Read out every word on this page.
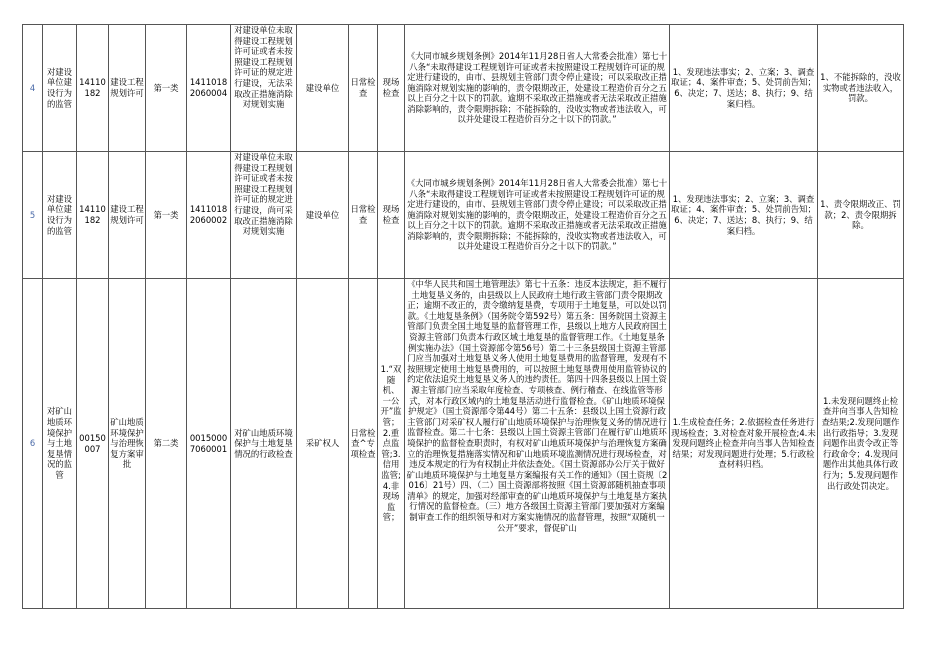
4	对建设单位建设行为的监管	14110182	建设工程规划许可	第一类	14110182060004	对建设单位未取得建设工程规划许可证或者未按照建设工程规划许可证的规定进行建设，无法采取改正措施消除对规划实施	建设单位	日常检查	现场检查	《大同市城乡规划条例》2014年11月28日省人大常委会批准）第七十八条“未取得建设工程规划许可证或者未按照建设工程规划许可证的规定进行建设的，由市、县规划主管部门责令停止建设；可以采取改正措施消除对规划实施的影响的，责令限期改正，处建设工程造价百分之五以上百分之十以下的罚款。逾期不采取改正措施或者无法采取改正措施消除影响的，责令限期拆除；不能拆除的，没收实物或者违法收入，可以并处建设工程造价百分之十以下的罚款。”	1、发现违法事实；2、立案；3、调查取证；4、案件审查；5、处罚前告知；6、决定；7、送达；8、执行；9、结案归档。	1、不能拆除的，没收实物或者违法收入，罚款。
5	对建设单位建设行为的监管	14110182	建设工程规划许可	第一类	14110182060002	对建设单位未取得建设工程规划许可证或者未按照建设工程规划许可证的规定进行建设，尚可采取改正措施消除对规划实施	建设单位	日常检查	现场检查	《大同市城乡规划条例》2014年11月28日省人大常委会批准）第七十八条“未取得建设工程规划许可证或者未按照建设工程规划许可证的规定进行建设的，由市、县规划主管部门责令停止建设；可以采取改正措施消除对规划实施的影响的，责令限期改正，处建设工程造价百分之五以上百分之十以下的罚款。逾期不采取改正措施或者无法采取改正措施消除影响的，责令限期拆除；不能拆除的，没收实物或者违法收入，可以并处建设工程造价百分之十以下的罚款。”	1、发现违法事实；2、立案；3、调查取证；4、案件审查；5、处罚前告知；6、决定；7、送达；8、执行；9、结案归档。	1、责令限期改正、罚款；2、责令限期拆除。
6	对矿山地质环境保护与土地复垦情况的监管	00150007	矿山地质环境保护与治理恢复方案审批	第二类	00150007060001	对矿山地质环境保护与土地复垦情况的行政检查	采矿权人	日常检查^专项检查	1.“双随机、一公开”监管；2.重点监管;3.信用监管;4.非现场监管；	《中华人民共和国土地管理法》第七十五条：违反本法规定，拒不履行土地复垦义务的，由县级以上人民政府土地行政主管部门责令限期改正；逾期不改正的，责令缴纳复垦费，专项用于土地复垦，可以处以罚款。《土地复垦条例》（国务院令第592号）第五条：国务院国土资源主管部门负责全国土地复垦的监督管理工作，县级以上地方人民政府国土资源主管部门负责本行政区域土地复垦的监督管理工作。《土地复垦条例实施办法》（国土资源部令第56号）第二十三条县级国土资源主管部门应当加强对土地复垦义务人使用土地复垦费用的监督管理，发现有不按照规定使用土地复垦费用的，可以按照土地复垦费用使用监管协议的约定依法追究土地复垦义务人的违约责任。第四十四条县级以上国土资源主管部门应当采取年度检查、专项核查、例行稽查、在线监管等形式，对本行政区域内的土地复垦活动进行监督检查。《矿山地质环境保护规定》（国土资源部令第44号）第二十五条：县级以上国土资源行政主管部门对采矿权人履行矿山地质环境保护与治理恢复义务的情况进行监督检查。第二十七条：县级以上国土资源主管部门在履行矿山地质环境保护的监督检查职责时，有权对矿山地质环境保护与治理恢复方案确立的治理恢复措施落实情况和矿山地质环境监测情况进行现场检查，对违反本规定的行为有权制止并依法查处。《国土资源部办公厅关于做好矿山地质环境保护与土地复垦方案编报有关工作的通知》（国土资规〔2016〕21号）四、（二）国土资源部将按照《国土资源部随机抽查事项清单》的规定，加强对经部审查的矿山地质环境保护与土地复垦方案执行情况的监督检查。（三）地方各级国土资源主管部门要加强对方案编制审查工作的组织领导和对方案实施情况的监督管理，按照“双随机一公开”要求，督促矿山	1.生成检查任务；2.依据检查任务进行现场检查；3.对检查对象开展检查;4.未发现问题终止检查并向当事人告知检查结果；对发现问题进行处理；5.行政检查材料归档。	1.未发现问题终止检查并向当事人告知检查结果;2.发现问题作出行政指导；3.发现问题作出责令改正等行政命令；4.发现问题作出其他具体行政行为；5.发现问题作出行政处罚决定。
